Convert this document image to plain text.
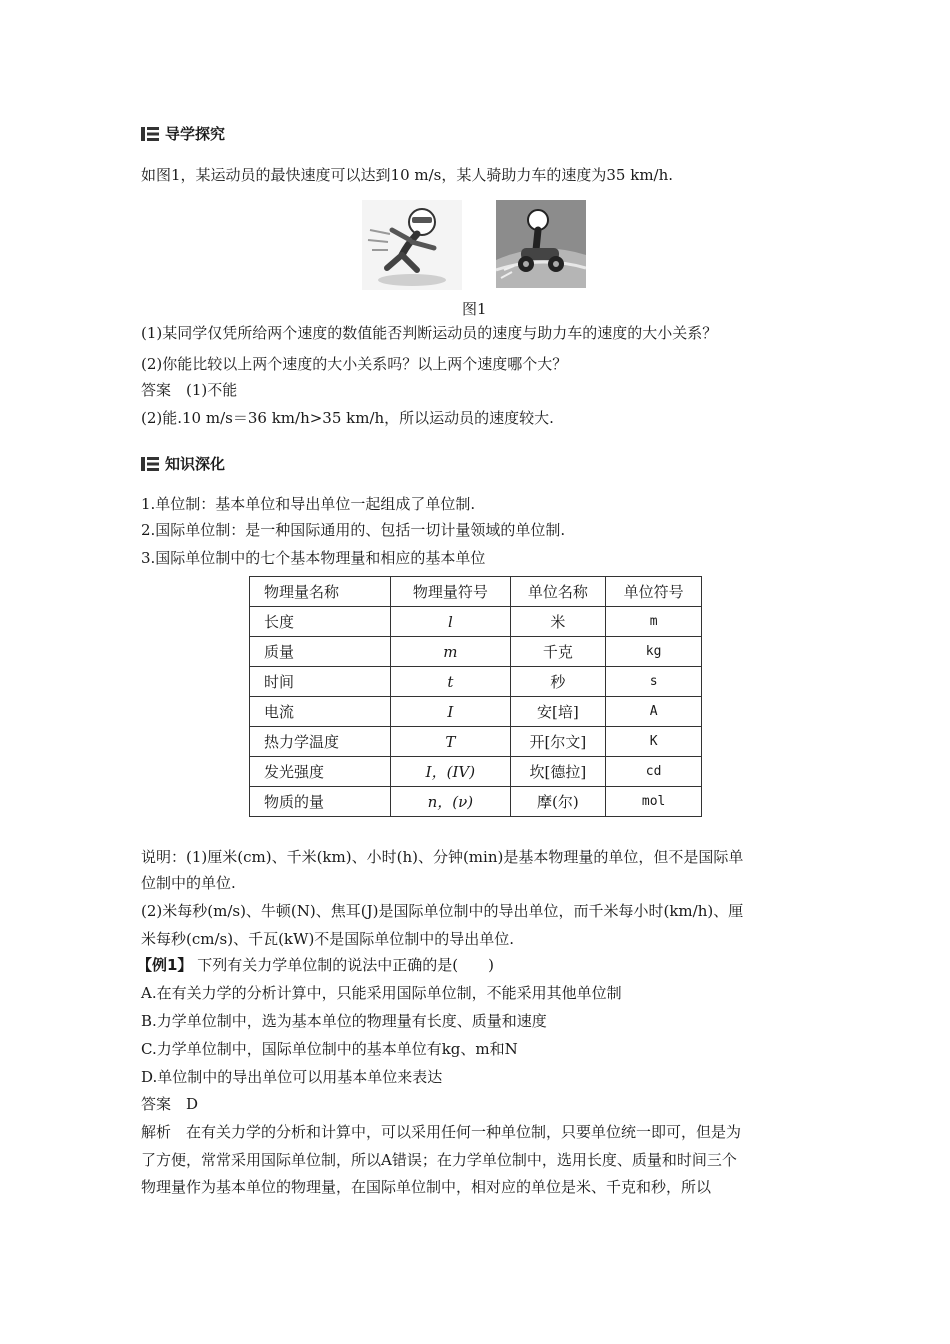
导学探究
如图1，某运动员的最快速度可以达到10 m/s，某人骑助力车的速度为35 km/h.
图1
(1)某同学仅凭所给两个速度的数值能否判断运动员的速度与助力车的速度的大小关系？
(2)你能比较以上两个速度的大小关系吗？以上两个速度哪个大？
答案　(1)不能
(2)能.10 m/s＝36 km/h>35 km/h，所以运动员的速度较大.
知识深化
1.单位制：基本单位和导出单位一起组成了单位制.
2.国际单位制：是一种国际通用的、包括一切计量领域的单位制.
3.国际单位制中的七个基本物理量和相应的基本单位
物理量名称	物理量符号	单位名称	单位符号
长度	l	米	m
质量	m	千克	kg
时间	t	秒	s
电流	I	安[培]	A
热力学温度	T	开[尔文]	K
发光强度	I，(IV)	坎[德拉]	cd
物质的量	n，(ν)	摩(尔)	mol
说明：(1)厘米(cm)、千米(km)、小时(h)、分钟(min)是基本物理量的单位，但不是国际单
位制中的单位.
(2)米每秒(m/s)、牛顿(N)、焦耳(J)是国际单位制中的导出单位，而千米每小时(km/h)、厘
米每秒(cm/s)、千瓦(kW)不是国际单位制中的导出单位.
【例1】 下列有关力学单位制的说法中正确的是(　　)
A.在有关力学的分析计算中，只能采用国际单位制，不能采用其他单位制
B.力学单位制中，选为基本单位的物理量有长度、质量和速度
C.力学单位制中，国际单位制中的基本单位有kg、m和N
D.单位制中的导出单位可以用基本单位来表达
答案　D
解析　在有关力学的分析和计算中，可以采用任何一种单位制，只要单位统一即可，但是为
了方便，常常采用国际单位制，所以A错误；在力学单位制中，选用长度、质量和时间三个
物理量作为基本单位的物理量，在国际单位制中，相对应的单位是米、千克和秒，所以
